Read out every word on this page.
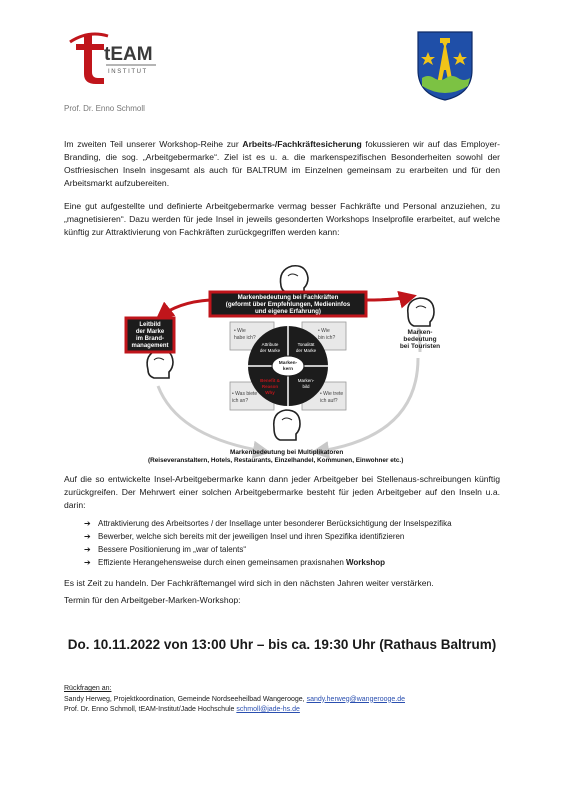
tEAM
INSTITUT
Prof. Dr. Enno Schmoll
Im zweiten Teil unserer Workshop-Reihe zur Arbeits-/Fachkräftesicherung fokussieren wir auf das Employer-Branding, die sog. „Arbeitgebermarke“. Ziel ist es u. a. die markenspezifischen Besonderheiten sowohl der Ostfriesischen Inseln insgesamt als auch für BALTRUM im Einzelnen gemeinsam zu erarbeiten und für den Arbeitsmarkt aufzubereiten.
Eine gut aufgestellte und definierte Arbeitgebermarke vermag besser Fachkräfte und Personal anzuziehen, zu „magnetisieren“. Dazu werden für jede Insel in jeweils gesonderten Workshops Inselprofile erarbeitet, auf welche künftig zur Attraktivierung von Fachkräften zurückgegriffen werden kann:
Markenbedeutung bei Fachkräften
(geformt über Empfehlungen, Medieninfos
und eigene Erfahrung)
Leitbild
der Marke
im Brand-
management
Marken-
bedeutung
bei Touristen
• Wie
habe ich?
• Wie
bin ich?
• Was biete
ich an?
• Wie trete
ich auf?
Attribute
der Marke
Tonalität
der Marke
Benefit &
Reason
Why
Marken-
bild
Marken-
kern
Markenbedeutung bei Multiplikatoren
(Reiseveranstaltern, Hotels, Restaurants, Einzelhandel, Kommunen, Einwohner etc.)
Auf die so entwickelte Insel-Arbeitgebermarke kann dann jeder Arbeitgeber bei Stellenaus-schreibungen künftig zurückgreifen. Der Mehrwert einer solchen Arbeitgebermarke besteht für jeden Arbeitgeber auf den Inseln u.a. darin:
➔ Attraktivierung des Arbeitsortes / der Insellage unter besonderer Berücksichtigung der Inselspezifika
➔ Bewerber, welche sich bereits mit der jeweiligen Insel und ihren Spezifika identifizieren
➔ Bessere Positionierung im „war of talents“
➔ Effiziente Herangehensweise durch einen gemeinsamen praxisnahen Workshop
Es ist Zeit zu handeln. Der Fachkräftemangel wird sich in den nächsten Jahren weiter verstärken.
Termin für den Arbeitgeber-Marken-Workshop:
Do. 10.11.2022 von 13:00 Uhr – bis ca. 19:30 Uhr (Rathaus Baltrum)
Rückfragen an:
Sandy Herweg, Projektkoordination, Gemeinde Nordseeheilbad Wangerooge, sandy.herweg@wangerooge.de
Prof. Dr. Enno Schmoll, tEAM-Institut/Jade Hochschule schmoll@jade-hs.de
